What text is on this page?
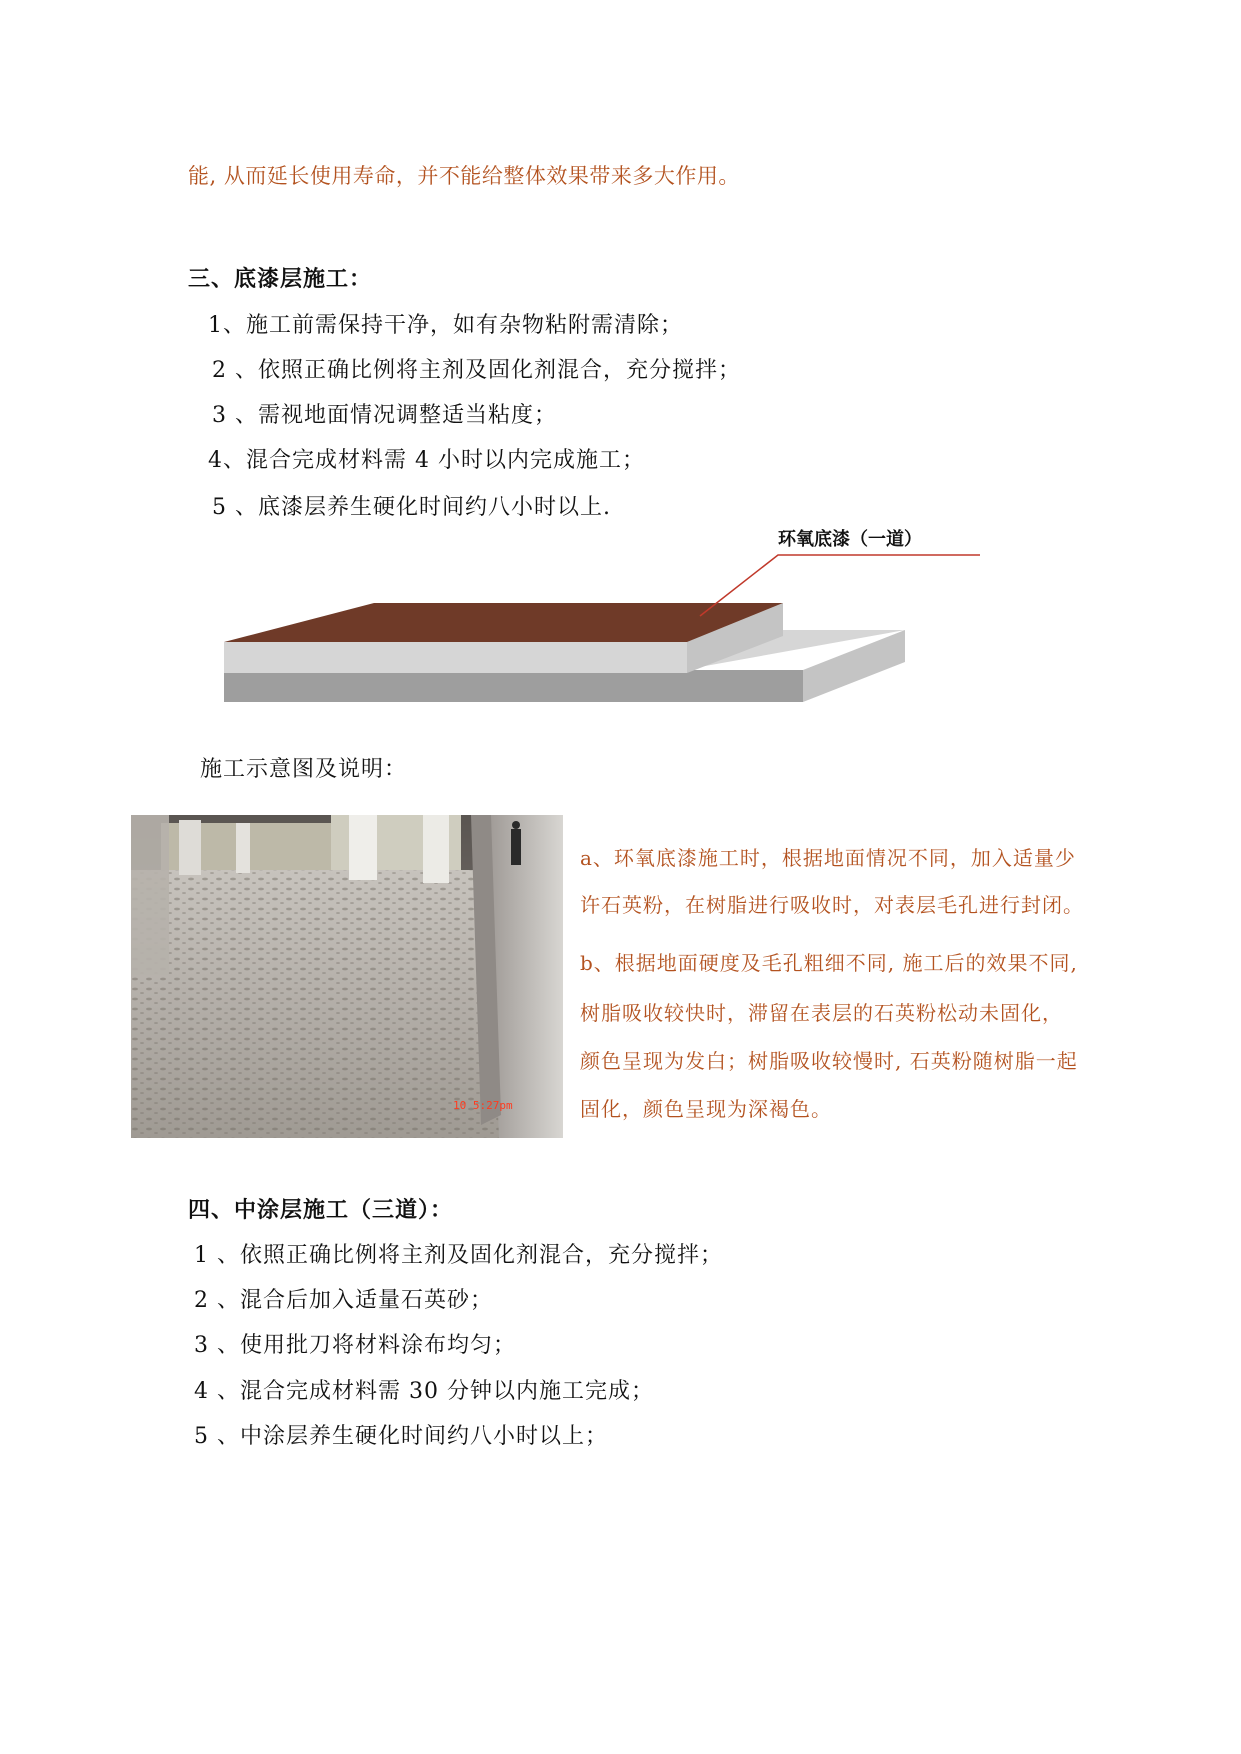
能, 从而延长使用寿命，并不能给整体效果带来多大作用。
三、底漆层施工：
1、施工前需保持干净，如有杂物粘附需清除；
2 、依照正确比例将主剂及固化剂混合，充分搅拌；
3 、需视地面情况调整适当粘度；
4、混合完成材料需 4 小时以内完成施工；
5 、底漆层养生硬化时间约八小时以上.
环氧底漆（一道）
施工示意图及说明：
10 5:27pm
a、环氧底漆施工时，根据地面情况不同，加入适量少
许石英粉，在树脂进行吸收时，对表层毛孔进行封闭。
b、根据地面硬度及毛孔粗细不同, 施工后的效果不同,
树脂吸收较快时，滞留在表层的石英粉松动未固化，
颜色呈现为发白；树脂吸收较慢时, 石英粉随树脂一起
固化，颜色呈现为深褐色。
四、中涂层施工（三道）：
1 、依照正确比例将主剂及固化剂混合，充分搅拌；
2 、混合后加入适量石英砂；
3 、使用批刀将材料涂布均匀；
4 、混合完成材料需 30 分钟以内施工完成；
5 、中涂层养生硬化时间约八小时以上；
